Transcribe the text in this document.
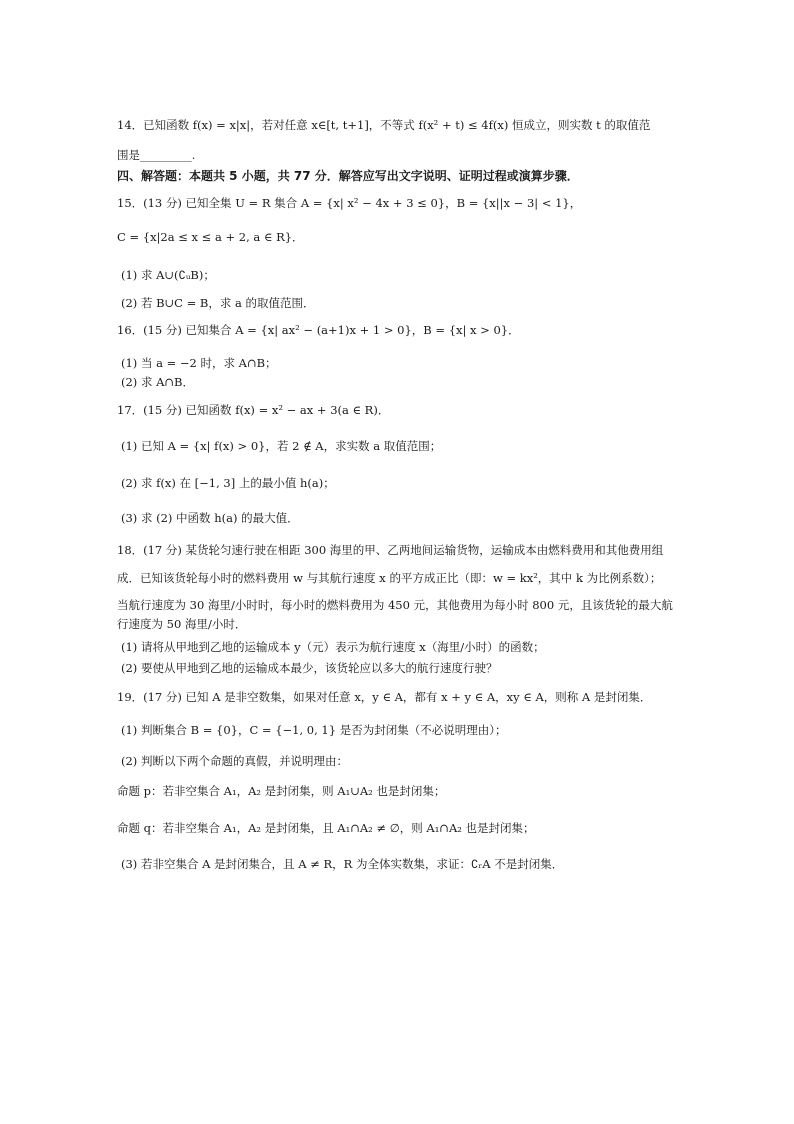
14．已知函数 f(x) = x|x|，若对任意 x∈[t, t+1]，不等式 f(x² + t) ≤ 4f(x) 恒成立，则实数 t 的取值范
围是_________.
四、解答题：本题共 5 小题，共 77 分．解答应写出文字说明、证明过程或演算步骤．
15．(13 分) 已知全集 U = R 集合 A = {x| x² − 4x + 3 ≤ 0}，B = {x||x − 3| < 1}，
C = {x|2a ≤ x ≤ a + 2, a ∈ R}．
(1) 求 A∪(∁ᵤB)；
(2) 若 B∪C = B，求 a 的取值范围．
16．(15 分) 已知集合 A = {x| ax² − (a+1)x + 1 > 0}，B = {x| x > 0}．
(1) 当 a = −2 时，求 A∩B；
(2) 求 A∩B．
17．(15 分) 已知函数 f(x) = x² − ax + 3(a ∈ R)．
(1) 已知 A = {x| f(x) > 0}，若 2 ∉ A，求实数 a 取值范围；
(2) 求 f(x) 在 [−1, 3] 上的最小值 h(a)；
(3) 求 (2) 中函数 h(a) 的最大值．
18．(17 分) 某货轮匀速行驶在相距 300 海里的甲、乙两地间运输货物，运输成本由燃料费用和其他费用组
成．已知该货轮每小时的燃料费用 w 与其航行速度 x 的平方成正比（即：w = kx²，其中 k 为比例系数）；
当航行速度为 30 海里/小时时，每小时的燃料费用为 450 元，其他费用为每小时 800 元，且该货轮的最大航
行速度为 50 海里/小时．
(1) 请将从甲地到乙地的运输成本 y（元）表示为航行速度 x（海里/小时）的函数；
(2) 要使从甲地到乙地的运输成本最少，该货轮应以多大的航行速度行驶？
19．(17 分) 已知 A 是非空数集，如果对任意 x，y ∈ A，都有 x + y ∈ A，xy ∈ A，则称 A 是封闭集．
(1) 判断集合 B = {0}，C = {−1, 0, 1} 是否为封闭集（不必说明理由）；
(2) 判断以下两个命题的真假，并说明理由：
命题 p：若非空集合 A₁，A₂ 是封闭集，则 A₁∪A₂ 也是封闭集；
命题 q：若非空集合 A₁，A₂ 是封闭集，且 A₁∩A₂ ≠ ∅，则 A₁∩A₂ 也是封闭集；
(3) 若非空集合 A 是封闭集合，且 A ≠ R，R 为全体实数集，求证：∁ᵣA 不是封闭集．
